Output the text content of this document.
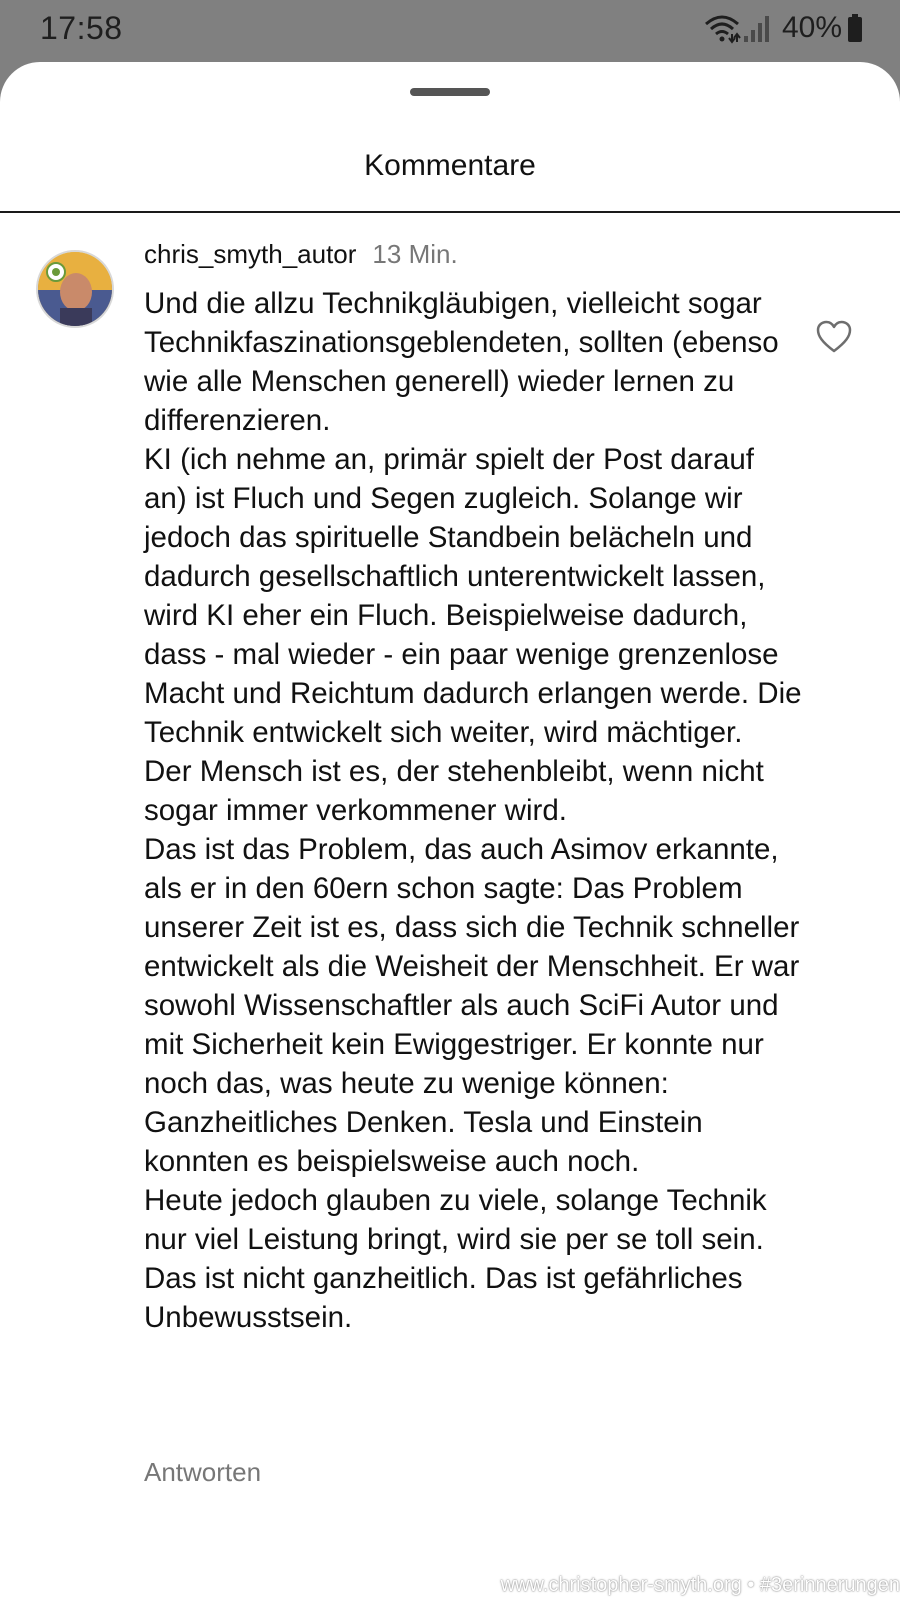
17:58	40%
Kommentare
chris_smyth_autor 13 Min.
Und die allzu Technikgläubigen, vielleicht sogar Technikfaszinationsgeblendeten, sollten (ebenso wie alle Menschen generell) wieder lernen zu differenzieren.
KI (ich nehme an, primär spielt der Post darauf an) ist Fluch und Segen zugleich. Solange wir jedoch das spirituelle Standbein belächeln und dadurch gesellschaftlich unterentwickelt lassen, wird KI eher ein Fluch. Beispielweise dadurch, dass - mal wieder - ein paar wenige grenzenlose Macht und Reichtum dadurch erlangen werde. Die Technik entwickelt sich weiter, wird mächtiger.
Der Mensch ist es, der stehenbleibt, wenn nicht sogar immer verkommener wird.
Das ist das Problem, das auch Asimov erkannte, als er in den 60ern schon sagte: Das Problem unserer Zeit ist es, dass sich die Technik schneller entwickelt als die Weisheit der Menschheit. Er war sowohl Wissenschaftler als auch SciFi Autor und mit Sicherheit kein Ewiggestriger. Er konnte nur noch das, was heute zu wenige können: Ganzheitliches Denken. Tesla und Einstein konnten es beispielsweise auch noch.
Heute jedoch glauben zu viele, solange Technik nur viel Leistung bringt, wird sie per se toll sein. Das ist nicht ganzheitlich. Das ist gefährliches Unbewusstsein.
Antworten
www.christopher-smyth.org • #3erinnerungen
